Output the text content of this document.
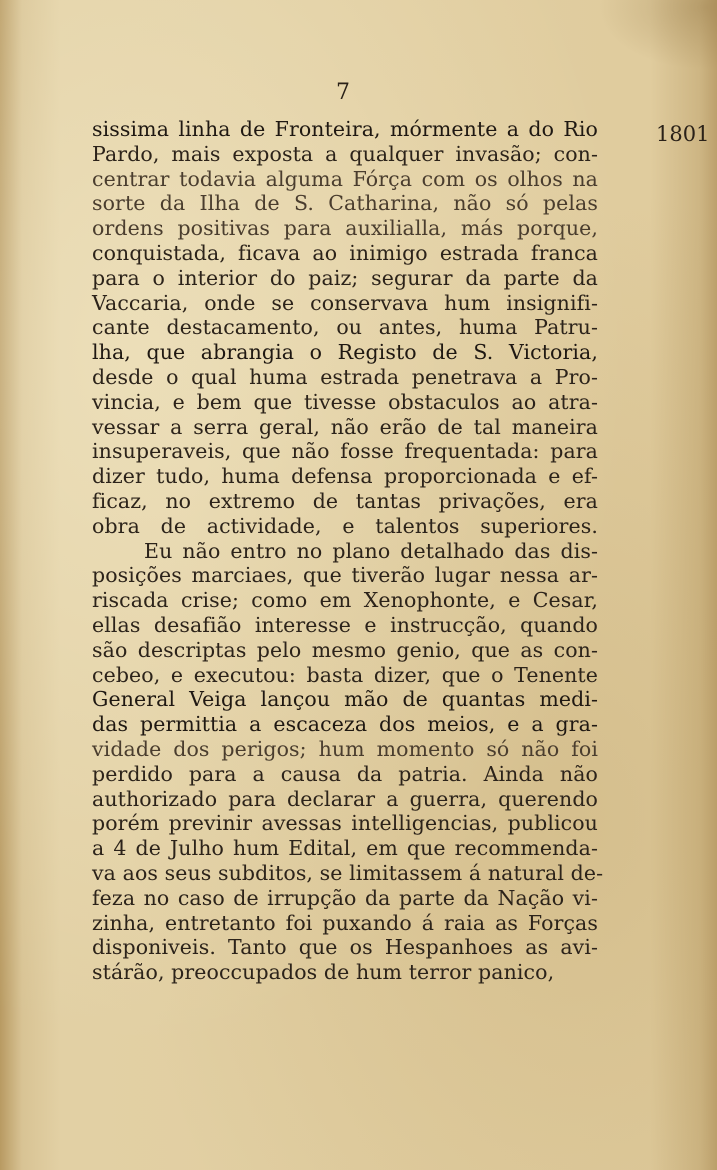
7
1801
sissima linha de Fronteira, mórmente a do Rio
Pardo, mais exposta a qualquer invasão; con-
centrar todavia alguma Fórça com os olhos na
sorte da Ilha de S. Catharina, não só pelas
ordens positivas para auxilialla, más porque,
conquistada, ficava ao inimigo estrada franca
para o interior do paiz; segurar da parte da
Vaccaria, onde se conservava hum insignifi-
cante destacamento, ou antes, huma Patru-
lha, que abrangia o Registo de S. Victoria,
desde o qual huma estrada penetrava a Pro-
vincia, e bem que tivesse obstaculos ao atra-
vessar a serra geral, não erão de tal maneira
insuperaveis, que não fosse frequentada: para
dizer tudo, huma defensa proporcionada e ef-
ficaz, no extremo de tantas privações, era
obra de actividade, e talentos superiores.
Eu não entro no plano detalhado das dis-
posições marciaes, que tiverão lugar nessa ar-
riscada crise; como em Xenophonte, e Cesar,
ellas desafião interesse e instrucção, quando
são descriptas pelo mesmo genio, que as con-
cebeo, e executou: basta dizer, que o Tenente
General Veiga lançou mão de quantas medi-
das permittia a escaceza dos meios, e a gra-
vidade dos perigos; hum momento só não foi
perdido para a causa da patria. Ainda não
authorizado para declarar a guerra, querendo
porém previnir avessas intelligencias, publicou
a 4 de Julho hum Edital, em que recommenda-
va aos seus subditos, se limitassem á natural de-
feza no caso de irrupção da parte da Nação vi-
zinha, entretanto foi puxando á raia as Forças
disponiveis. Tanto que os Hespanhoes as avi-
stárão, preoccupados de hum terror panico,
